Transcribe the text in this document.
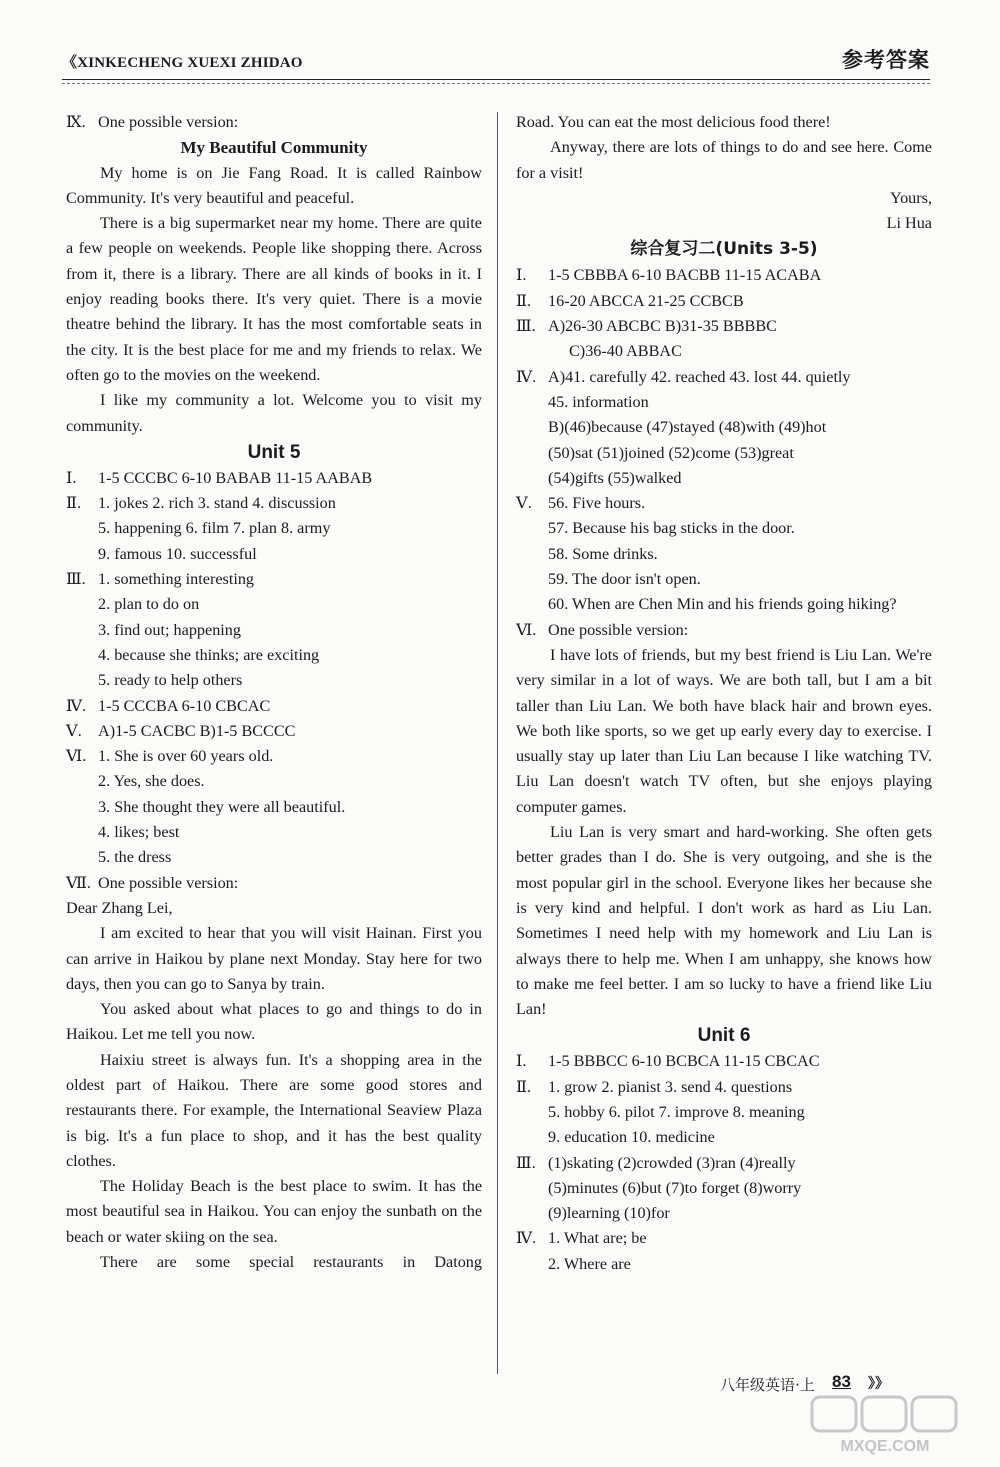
《XINKECHENG XUEXI ZHIDAO	参考答案
Ⅸ. One possible version:
My Beautiful Community
My home is on Jie Fang Road. It is called Rainbow Community. It's very beautiful and peaceful.
There is a big supermarket near my home. There are quite a few people on weekends. People like shopping there. Across from it, there is a library. There are all kinds of books in it. I enjoy reading books there. It's very quiet. There is a movie theatre behind the library. It has the most comfortable seats in the city. It is the best place for me and my friends to relax. We often go to the movies on the weekend.
I like my community a lot. Welcome you to visit my community.
Unit 5
Ⅰ.	1-5 CCCBC 6-10 BABAB 11-15 AABAB
Ⅱ.	1. jokes 2. rich 3. stand 4. discussion
5. happening 6. film 7. plan 8. army
9. famous 10. successful
Ⅲ. 1. something interesting
2. plan to do on
3. find out; happening
4. because she thinks; are exciting
5. ready to help others
Ⅳ. 1-5 CCCBA 6-10 CBCAC
Ⅴ.	A)1-5 CACBC B)1-5 BCCCC
Ⅵ. 1. She is over 60 years old.
2. Yes, she does.
3. She thought they were all beautiful.
4. likes; best
5. the dress
Ⅶ. One possible version:
Dear Zhang Lei,
I am excited to hear that you will visit Hainan. First you can arrive in Haikou by plane next Monday. Stay here for two days, then you can go to Sanya by train.
You asked about what places to go and things to do in Haikou. Let me tell you now.
Haixiu street is always fun. It's a shopping area in the oldest part of Haikou. There are some good stores and restaurants there. For example, the International Seaview Plaza is big. It's a fun place to shop, and it has the best quality clothes.
The Holiday Beach is the best place to swim. It has the most beautiful sea in Haikou. You can enjoy the sunbath on the beach or water skiing on the sea.
There are some special restaurants in Datong
Road. You can eat the most delicious food there!
Anyway, there are lots of things to do and see here. Come for a visit!
Yours,
Li Hua
综合复习二(Units 3-5)
Ⅰ.	1-5 CBBBA 6-10 BACBB 11-15 ACABA
Ⅱ.	16-20 ABCCA 21-25 CCBCB
Ⅲ. A)26-30 ABCBC B)31-35 BBBBC
C)36-40 ABBAC
Ⅳ. A)41. carefully 42. reached 43. lost 44. quietly
45. information
B)(46)because (47)stayed (48)with (49)hot
(50)sat (51)joined (52)come (53)great
(54)gifts (55)walked
Ⅴ.	56. Five hours.
57. Because his bag sticks in the door.
58. Some drinks.
59. The door isn't open.
60. When are Chen Min and his friends going hiking?
Ⅵ. One possible version:
I have lots of friends, but my best friend is Liu Lan. We're very similar in a lot of ways. We are both tall, but I am a bit taller than Liu Lan. We both have black hair and brown eyes. We both like sports, so we get up early every day to exercise. I usually stay up later than Liu Lan because I like watching TV. Liu Lan doesn't watch TV often, but she enjoys playing computer games.
Liu Lan is very smart and hard-working. She often gets better grades than I do. She is very outgoing, and she is the most popular girl in the school. Everyone likes her because she is very kind and helpful. I don't work as hard as Liu Lan. Sometimes I need help with my homework and Liu Lan is always there to help me. When I am unhappy, she knows how to make me feel better. I am so lucky to have a friend like Liu Lan!
Unit 6
Ⅰ.	1-5 BBBCC 6-10 BCBCA 11-15 CBCAC
Ⅱ.	1. grow 2. pianist 3. send 4. questions
5. hobby 6. pilot 7. improve 8. meaning
9. education 10. medicine
Ⅲ. (1)skating (2)crowded (3)ran (4)really
(5)minutes (6)but (7)to forget (8)worry
(9)learning (10)for
Ⅳ. 1. What are; be
2. Where are
八年级英语·上 83 》》
MXQE.COM
